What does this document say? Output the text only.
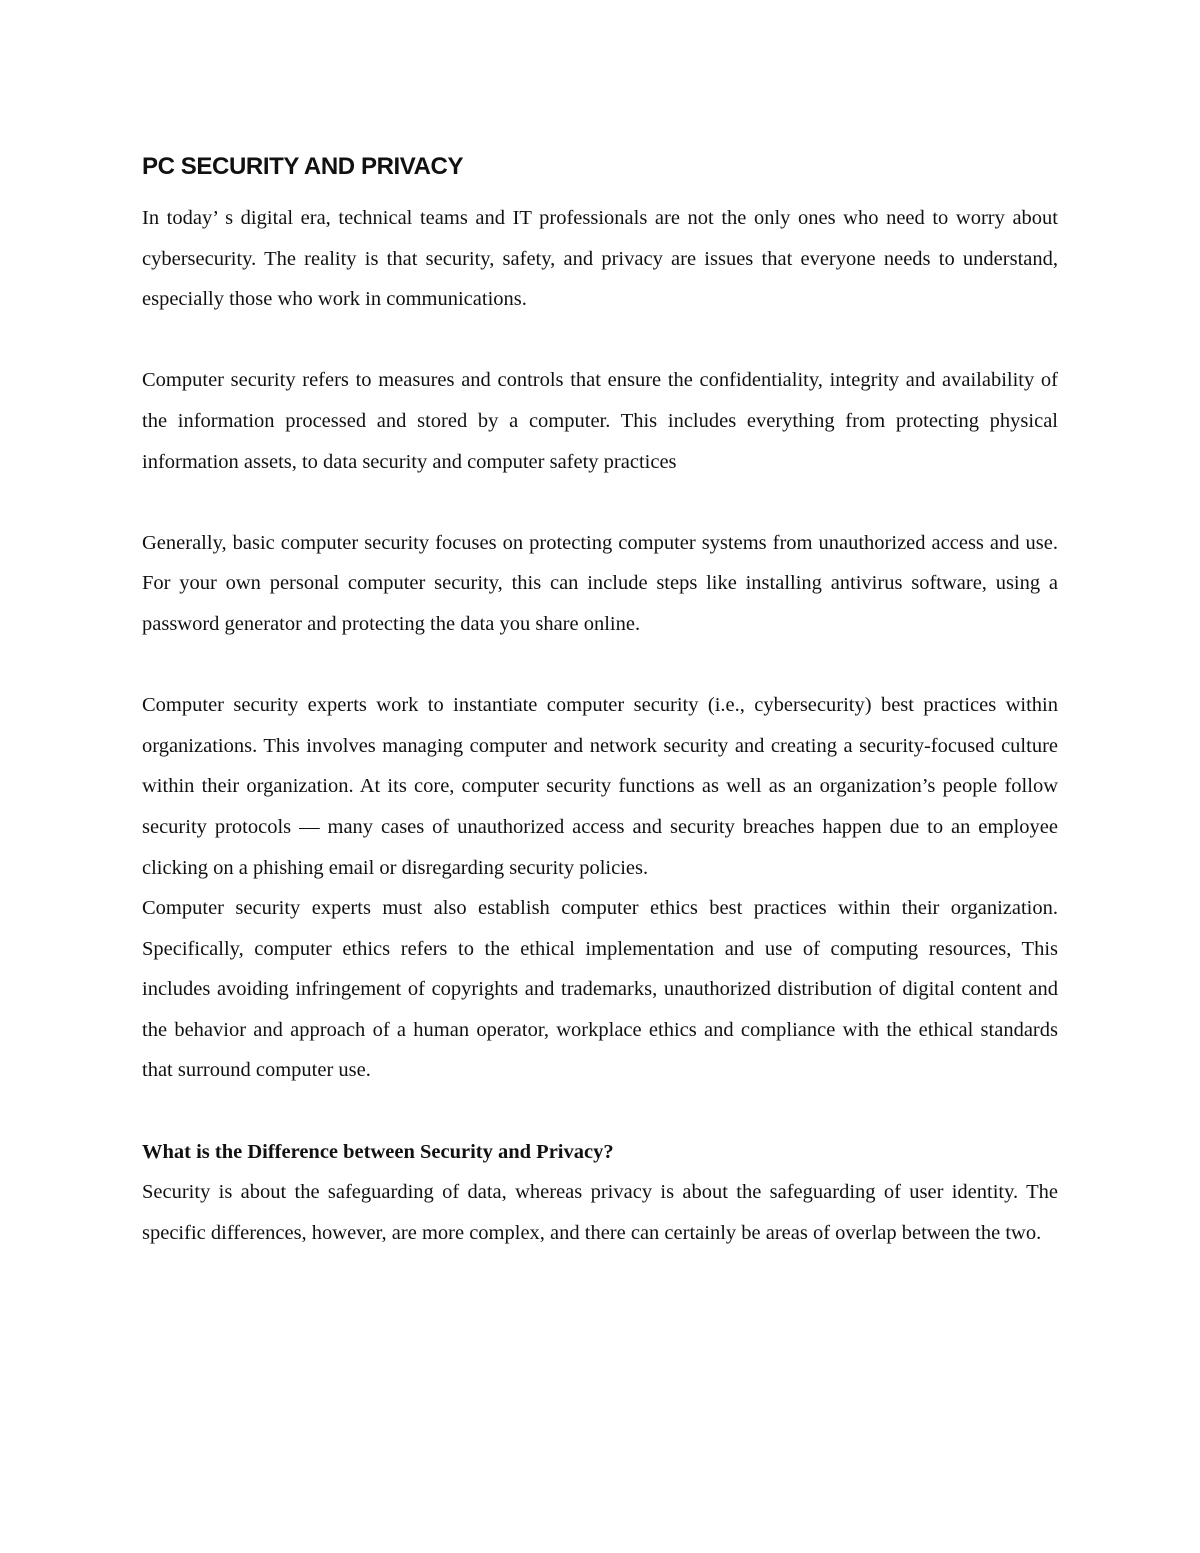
PC SECURITY AND PRIVACY

In today’ s digital era, technical teams and IT professionals are not the only ones who need to worry about cybersecurity. The reality is that security, safety, and privacy are issues that everyone needs to understand, especially those who work in communications.

Computer security refers to measures and controls that ensure the confidentiality, integrity and availability of the information processed and stored by a computer. This includes everything from protecting physical information assets, to data security and computer safety practices

Generally, basic computer security focuses on protecting computer systems from unauthorized access and use. For your own personal computer security, this can include steps like installing antivirus software, using a password generator and protecting the data you share online.

Computer security experts work to instantiate computer security (i.e., cybersecurity) best practices within organizations. This involves managing computer and network security and creating a security-focused culture within their organization. At its core, computer security functions as well as an organization’s people follow security protocols — many cases of unauthorized access and security breaches happen due to an employee clicking on a phishing email or disregarding security policies.

Computer security experts must also establish computer ethics best practices within their organization. Specifically, computer ethics refers to the ethical implementation and use of computing resources, This includes avoiding infringement of copyrights and trademarks, unauthorized distribution of digital content and the behavior and approach of a human operator, workplace ethics and compliance with the ethical standards that surround computer use.

What is the Difference between Security and Privacy?

Security is about the safeguarding of data, whereas privacy is about the safeguarding of user identity. The specific differences, however, are more complex, and there can certainly be areas of overlap between the two.
